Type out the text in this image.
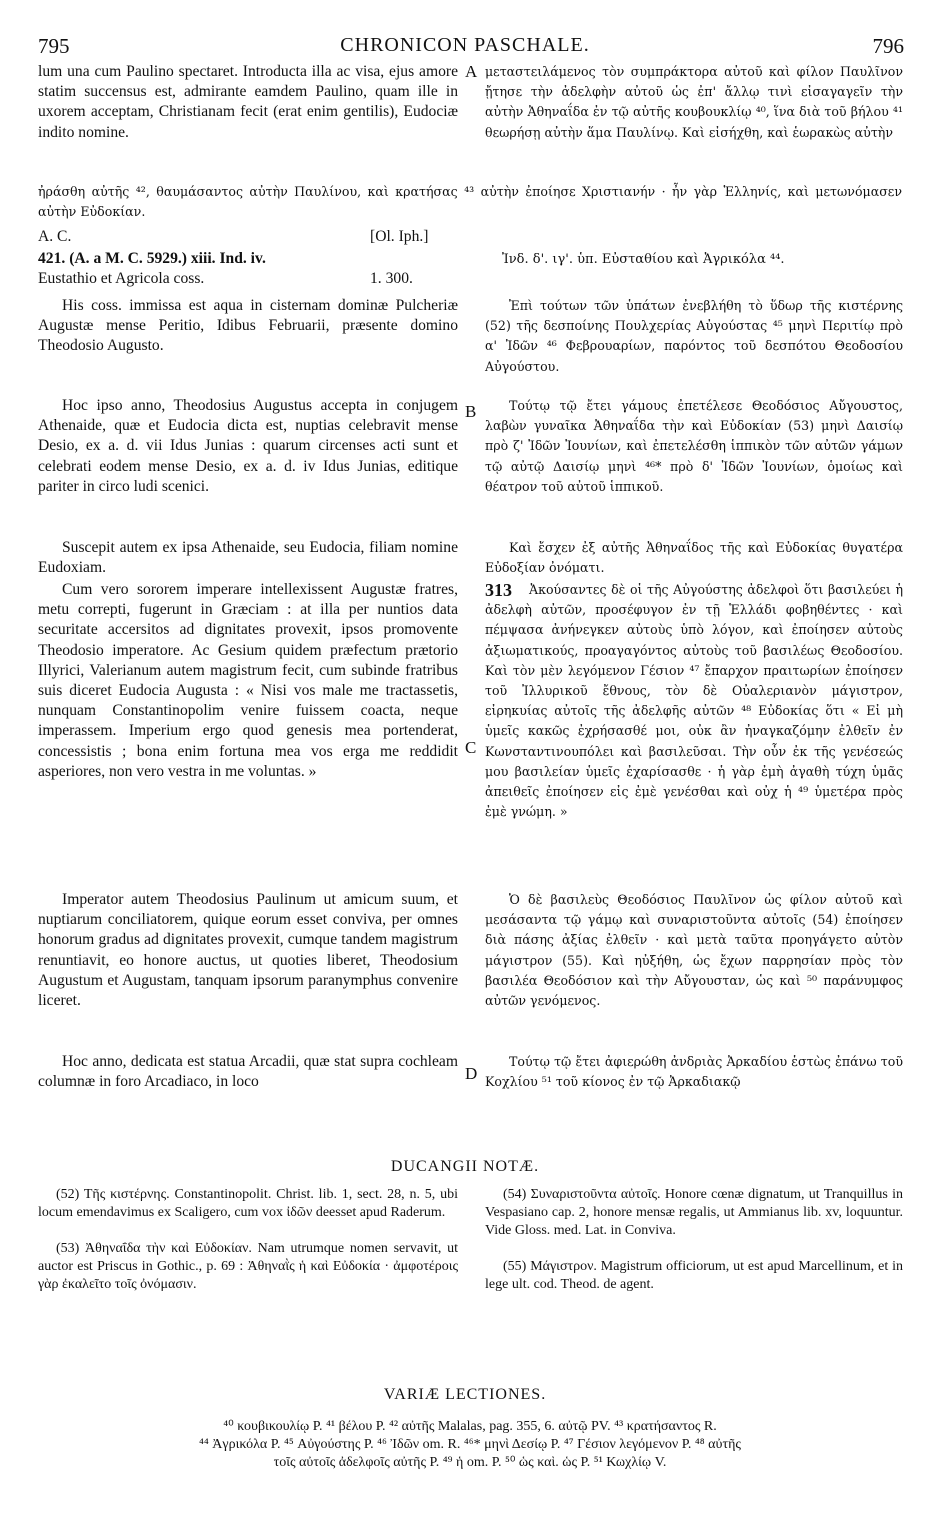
795	CHRONICON PASCHALE.	796

lum una cum Paulino spectaret. Introducta illa ac visa, ejus amore statim succensus est, admirante eamdem Paulino, quam ille in uxorem acceptam, Christianam fecit (erat enim gentilis), Eudociæ indito nomine.

μεταστειλάμενος τὸν συμπράκτορα αὐτοῦ καὶ φίλον Παυλῖνον ᾔτησε τὴν ἀδελφὴν αὐτοῦ ὡς ἐπ' ἄλλῳ τινὶ εἰσαγαγεῖν τὴν αὐτὴν Ἀθηναΐδα ἐν τῷ αὐτῆς κουβουκλίῳ ⁴⁰, ἵνα διὰ τοῦ βήλου ⁴¹ θεωρήσῃ αὐτὴν ἅμα Παυλίνῳ. Καὶ εἰσήχθη, καὶ ἑωρακὼς αὐτὴν

A

ἠράσθη αὐτῆς ⁴², θαυμάσαντος αὐτὴν Παυλίνου, καὶ κρατήσας ⁴³ αὐτὴν ἐποίησε Χριστιανήν · ἦν γὰρ Ἑλληνίς, καὶ μετωνόμασεν αὐτὴν Εὐδοκίαν.

A. C.	[Ol. Iph.]
421. (A. a M. C. 5929.) xiii. Ind. iv.
Eustathio et Agricola coss.	1. 300.
Ἰνδ. δ'. ιγ'. ὑπ. Εὐσταθίου καὶ Ἀγρικόλα ⁴⁴.

His coss. immissa est aqua in cisternam dominæ Pulcheriæ Augustæ mense Peritio, Idibus Februarii, præsente domino Theodosio Augusto.

Ἐπὶ τούτων τῶν ὑπάτων ἐνεβλήθη τὸ ὕδωρ τῆς κιστέρνης (52) τῆς δεσποίνης Πουλχερίας Αὐγούστας ⁴⁵ μηνὶ Περιτίῳ πρὸ α' Ἰδῶν ⁴⁶ Φεβρουαρίων, παρόντος τοῦ δεσπότου Θεοδοσίου Αὐγούστου.

B

Hoc ipso anno, Theodosius Augustus accepta in conjugem Athenaide, quæ et Eudocia dicta est, nuptias celebravit mense Desio, ex a. d. vii Idus Junias : quarum circenses acti sunt et celebrati eodem mense Desio, ex a. d. iv Idus Junias, editique pariter in circo ludi scenici.

Τούτῳ τῷ ἔτει γάμους ἐπετέλεσε Θεοδόσιος Αὔγουστος, λαβὼν γυναῖκα Ἀθηναΐδα τὴν καὶ Εὐδοκίαν (53) μηνὶ Δαισίῳ πρὸ ζ' Ἰδῶν Ἰουνίων, καὶ ἐπετελέσθη ἱππικὸν τῶν αὐτῶν γάμων τῷ αὐτῷ Δαισίῳ μηνὶ ⁴⁶* πρὸ δ' Ἰδῶν Ἰουνίων, ὁμοίως καὶ θέατρον τοῦ αὐτοῦ ἱππικοῦ.

Suscepit autem ex ipsa Athenaide, seu Eudocia, filiam nomine Eudoxiam.

Καὶ ἔσχεν ἐξ αὐτῆς Ἀθηναΐδος τῆς καὶ Εὐδοκίας θυγατέρα Εὐδοξίαν ὀνόματι.

Cum vero sororem imperare intellexissent Augustæ fratres, metu correpti, fugerunt in Græciam : at illa per nuntios data securitate accersitos ad dignitates provexit, ipsos promovente Theodosio imperatore. Ac Gesium quidem præfectum prætorio Illyrici, Valerianum autem magistrum fecit, cum subinde fratribus suis diceret Eudocia Augusta : « Nisi vos male me tractassetis, nunquam Constantinopolim venire fuissem coacta, neque imperassem. Imperium ergo quod genesis mea portenderat, concessistis ; bona enim fortuna mea vos erga me reddidit asperiores, non vero vestra in me voluntas. »

313	Ἀκούσαντες δὲ οἱ τῆς Αὐγούστης ἀδελφοὶ ὅτι βασιλεύει ἡ ἀδελφὴ αὐτῶν, προσέφυγον ἐν τῇ Ἑλλάδι φοβηθέντες · καὶ πέμψασα ἀνήνεγκεν αὐτοὺς ὑπὸ λόγον, καὶ ἐποίησεν αὐτοὺς ἀξιωματικούς, προαγαγόντος αὐτοὺς τοῦ βασιλέως Θεοδοσίου. Καὶ τὸν μὲν λεγόμενον Γέσιον ⁴⁷ ἔπαρχον πραιτωρίων ἐποίησεν τοῦ Ἰλλυρικοῦ ἔθνους, τὸν δὲ Οὐαλεριανὸν μάγιστρον, εἰρηκυίας αὐτοῖς τῆς ἀδελφῆς αὐτῶν ⁴⁸ Εὐδοκίας ὅτι « Εἰ μὴ ὑμεῖς κακῶς ἐχρήσασθέ μοι, οὐκ ἂν ἠναγκαζόμην ἐλθεῖν ἐν Κωνσταντινουπόλει καὶ βασιλεῦσαι. Τὴν οὖν ἐκ τῆς γενέσεώς μου βασιλείαν ὑμεῖς ἐχαρίσασθε · ἡ γὰρ ἐμὴ ἀγαθὴ τύχη ὑμᾶς ἀπειθεῖς ἐποίησεν εἰς ἐμὲ γενέσθαι καὶ οὐχ ἡ ⁴⁹ ὑμετέρα πρὸς ἐμὲ γνώμη. »

C

Imperator autem Theodosius Paulinum ut amicum suum, et nuptiarum conciliatorem, quique eorum esset conviva, per omnes honorum gradus ad dignitates provexit, cumque tandem magistrum renuntiavit, eo honore auctus, ut quoties liberet, Theodosium Augustum et Augustam, tanquam ipsorum paranymphus convenire liceret.

Ὁ δὲ βασιλεὺς Θεοδόσιος Παυλῖνον ὡς φίλον αὐτοῦ καὶ μεσάσαντα τῷ γάμῳ καὶ συναριστοῦντα αὐτοῖς (54) ἐποίησεν διὰ πάσης ἀξίας ἐλθεῖν · καὶ μετὰ ταῦτα προηγάγετο αὐτὸν μάγιστρον (55). Καὶ ηὐξήθη, ὡς ἔχων παρρησίαν πρὸς τὸν βασιλέα Θεοδόσιον καὶ τὴν Αὔγουσταν, ὡς καὶ ⁵⁰ παράνυμφος αὐτῶν γενόμενος.

Hoc anno, dedicata est statua Arcadii, quæ stat supra cochleam columnæ in foro Arcadiaco, in loco

Τούτῳ τῷ ἔτει ἀφιερώθη ἀνδριὰς Ἀρκαδίου ἑστὼς ἐπάνω τοῦ Κοχλίου ⁵¹ τοῦ κίονος ἐν τῷ Ἀρκαδιακῷ

D
DUCANGII NOTÆ.

(52) Τῆς κιστέρνης. Constantinopolit. Christ. lib. 1, sect. 28, n. 5, ubi locum emendavimus ex Scaligero, cum vox ἰδῶν deesset apud Raderum.

(53) Ἀθηναΐδα τὴν καὶ Εὐδοκίαν. Nam utrumque nomen servavit, ut auctor est Priscus in Gothic., p. 69 : Ἀθηναῒς ἡ καὶ Εὐδοκία · ἀμφοτέροις γὰρ ἐκαλεῖτο τοῖς ὀνόμασιν.

(54) Συναριστοῦντα αὐτοῖς. Honore cœnæ dignatum, ut Tranquillus in Vespasiano cap. 2, honore mensæ regalis, ut Ammianus lib. xv, loquuntur. Vide Gloss. med. Lat. in Conviva.

(55) Μάγιστρον. Magistrum officiorum, ut est apud Marcellinum, et in lege ult. cod. Theod. de agent.

VARIÆ LECTIONES.

⁴⁰ κουβικουλίῳ P. ⁴¹ βέλου P. ⁴² αὐτῆς Malalas, pag. 355, 6. αὐτῷ PV. ⁴³ κρατήσαντος R.

⁴⁴ Ἀγρικόλα P. ⁴⁵ Αὐγούστης P. ⁴⁶ Ἰδῶν om. R. ⁴⁶* μηνὶ Δεσίῳ P. ⁴⁷ Γέσιον λεγόμενον P. ⁴⁸ αὐτῆς

τοῖς αὐτοῖς ἀδελφοῖς αὐτῆς P. ⁴⁹ ἡ om. P. ⁵⁰ ὡς καὶ. ὡς P. ⁵¹ Κωχλίῳ V.
